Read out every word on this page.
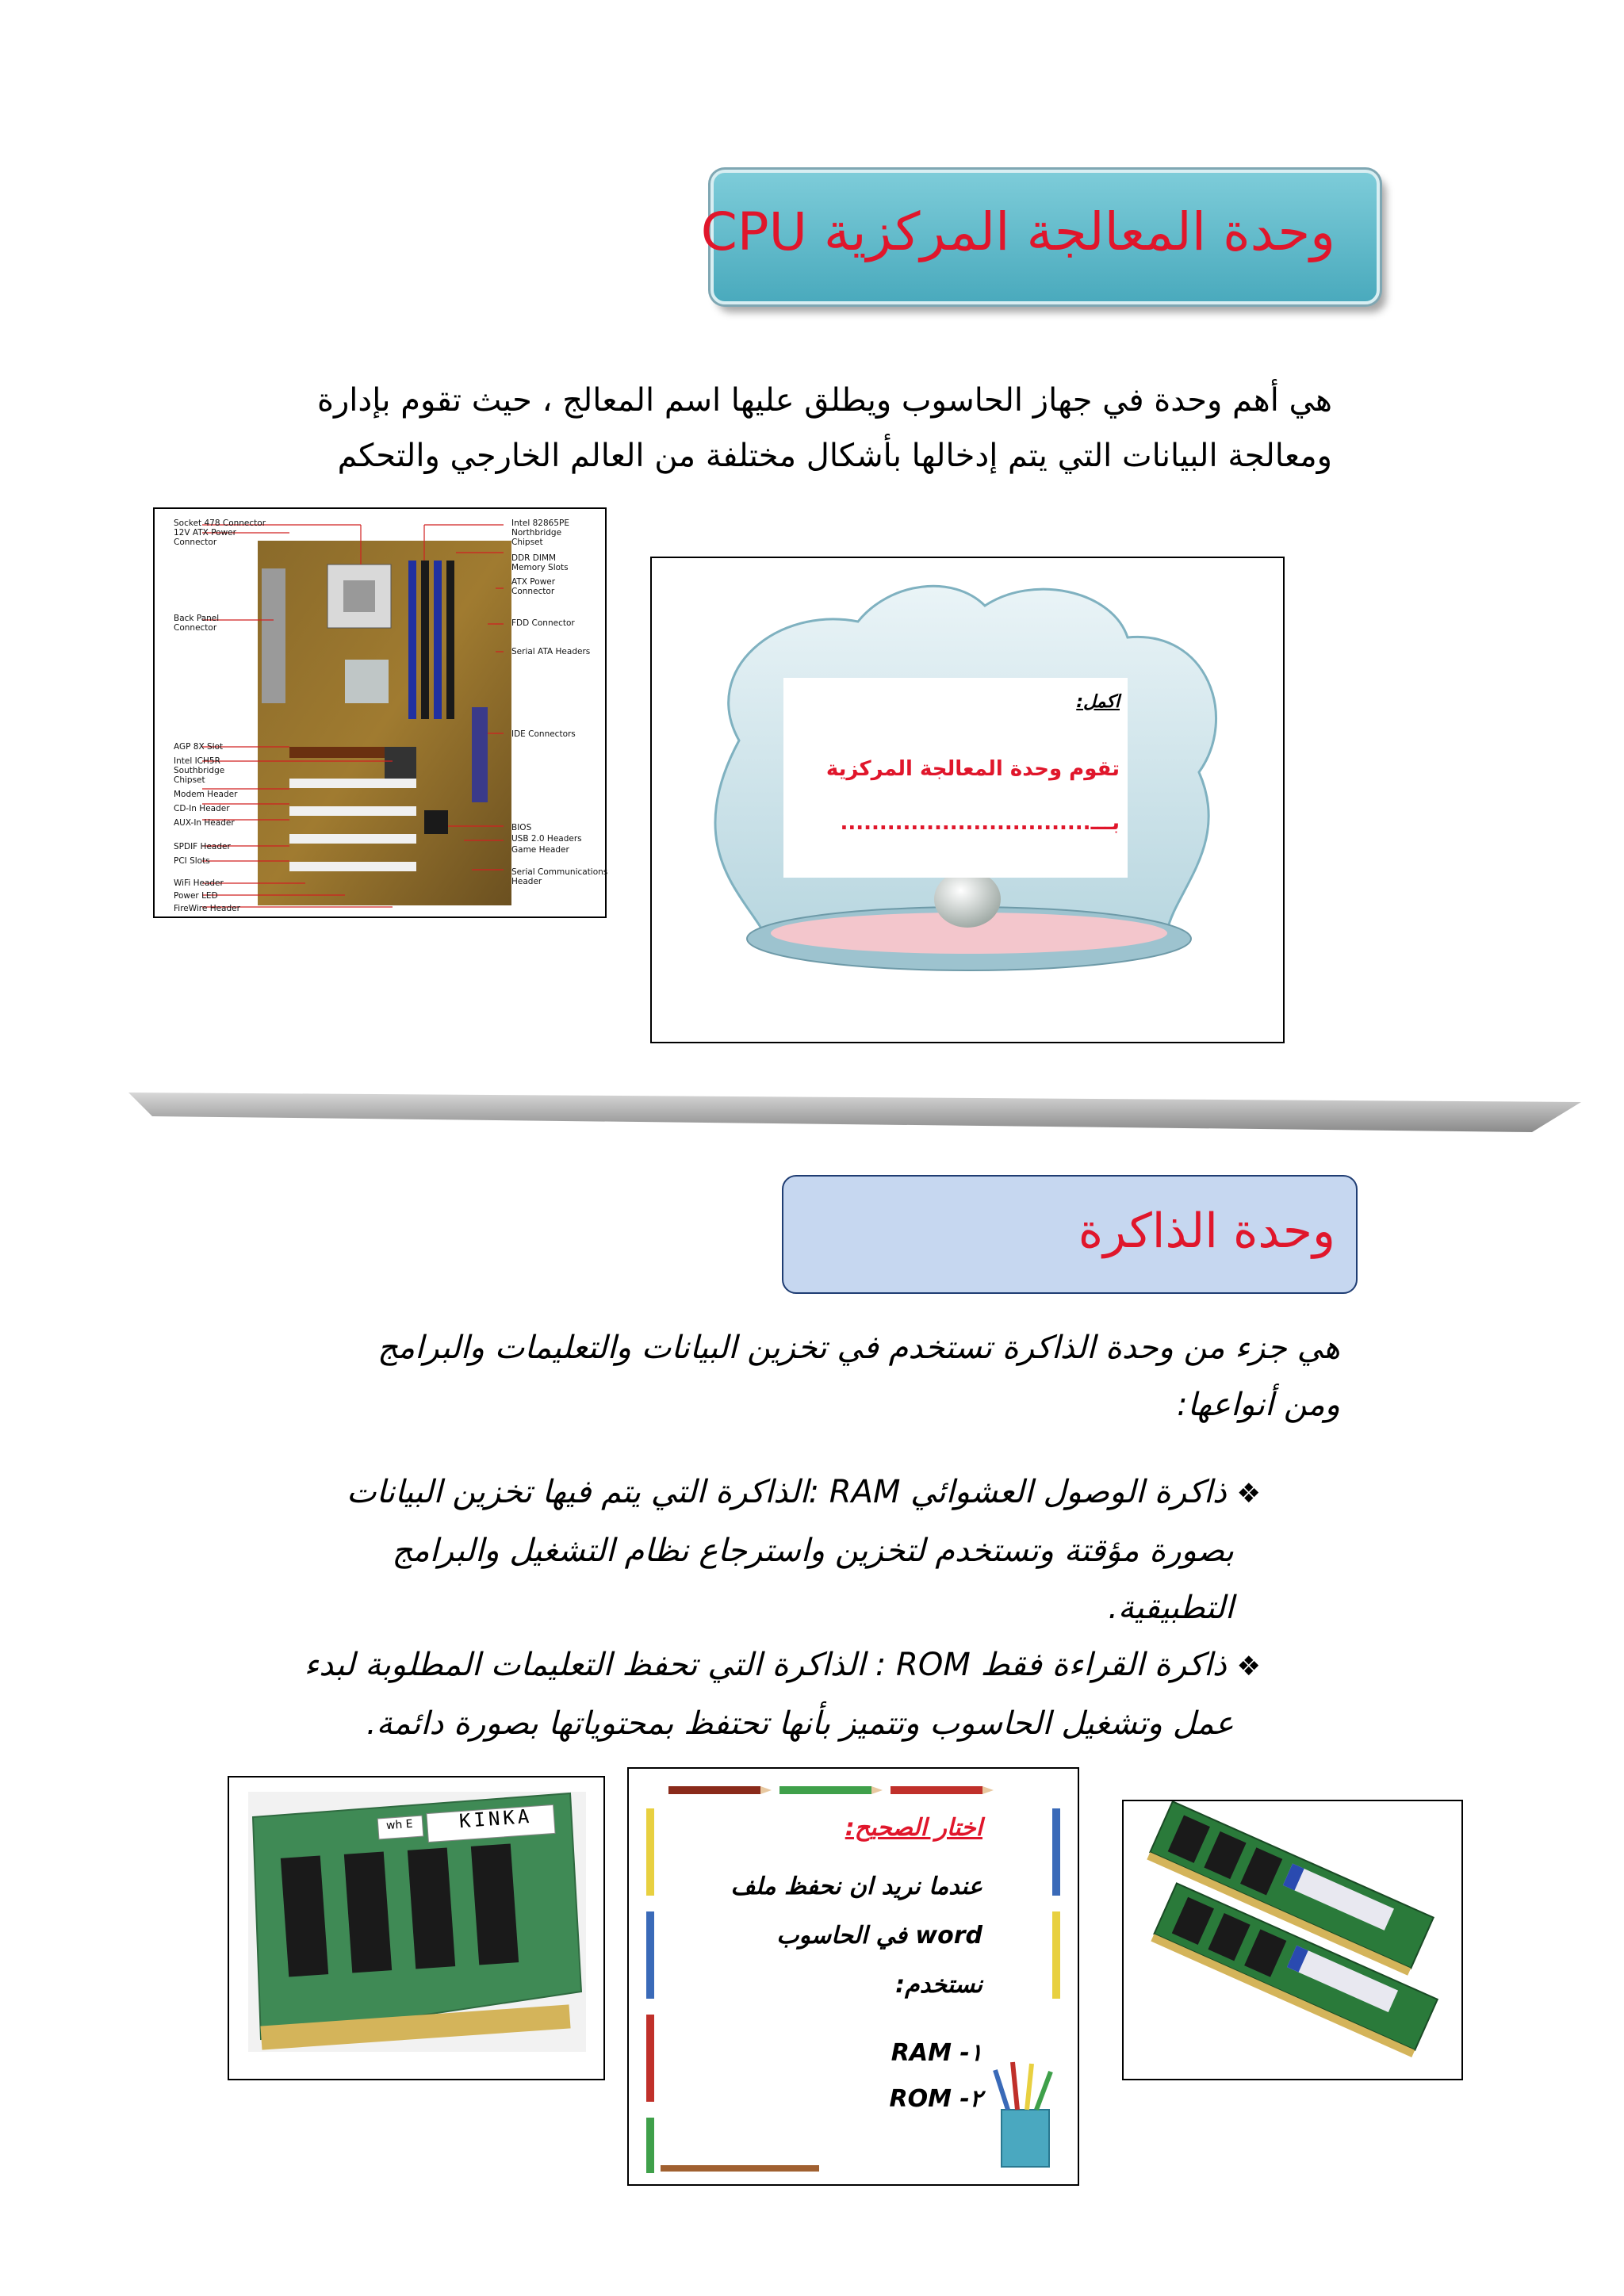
وحدة المعالجة المركزية CPU
هي أهم وحدة في جهاز الحاسوب ويطلق عليها اسم المعالج ، حيث تقوم بإدارة
ومعالجة البيانات التي يتم إدخالها بأشكال مختلفة من العالم الخارجي والتحكم
Socket 478 Connector
12V ATX Power
Connector
Back Panel
Connector
AGP 8X Slot
Intel ICH5R
Southbridge
Chipset
Modem Header
CD-In Header
AUX-In Header
SPDIF Header
PCI Slots
WiFi Header
Power LED
FireWire Header
Intel 82865PE
Northbridge
Chipset
DDR DIMM
Memory Slots
ATX Power
Connector
FDD Connector
Serial ATA Headers
IDE Connectors
BIOS
USB 2.0 Headers
Game Header
Serial Communications
Header
اكمل:
تقوم وحدة المعالجة المركزية
بـــ................................
وحدة الذاكرة
هي جزء من وحدة الذاكرة تستخدم في تخزين البيانات والتعليمات والبرامج
ومن أنواعها:
❖ ذاكرة الوصول العشوائي RAM :الذاكرة التي يتم فيها تخزين البيانات
بصورة مؤقتة وتستخدم لتخزين واسترجاع نظام التشغيل والبرامج
التطبيقية.
❖ ذاكرة القراءة فقط ROM : الذاكرة التي تحفظ التعليمات المطلوبة لبدء
عمل وتشغيل الحاسوب وتتميز بأنها تحتفظ بمحتوياتها بصورة دائمة.
KINKA
wh E	اختار الصحيح:
عندما نريد ان نحفظ ملف
word في الحاسوب
نستخدم:
RAM -١
ROM -٢
